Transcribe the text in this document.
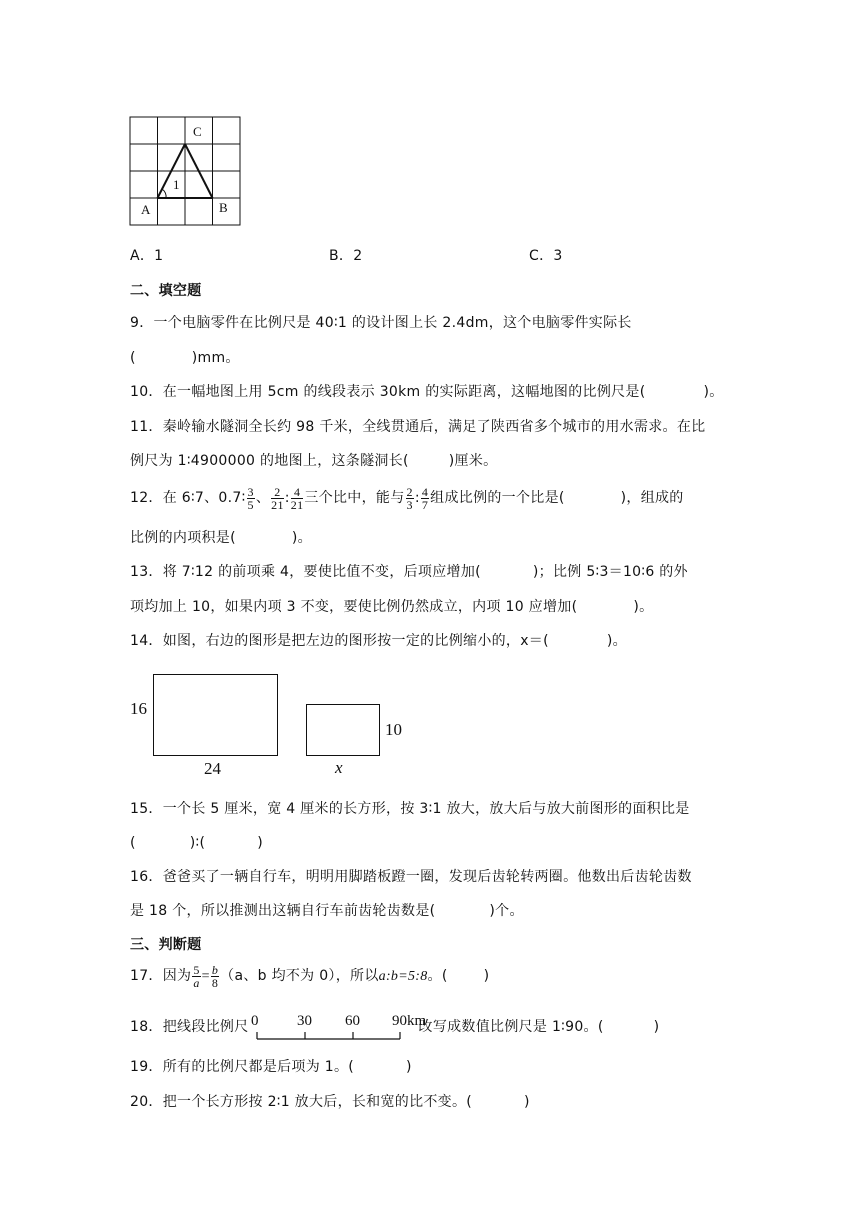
C
A	B
1
A．1	B．2	C．3
二、填空题
9．一个电脑零件在比例尺是 40∶1 的设计图上长 2.4dm，这个电脑零件实际长
(	)mm。
10．在一幅地图上用 5cm 的线段表示 30km 的实际距离，这幅地图的比例尺是(	)。
11．秦岭输水隧洞全长约 98 千米，全线贯通后，满足了陕西省多个城市的用水需求。在比
例尺为 1∶4900000 的地图上，这条隧洞长(	)厘米。
12．在 6∶7、0.7∶ $\frac{3}{5}$ 、 $\frac{2}{21}$ : $\frac{4}{21}$ 三个比中，能与 $\frac{2}{3}$ : $\frac{4}{7}$ 组成比例的一个比是(	)，组成的
比例的内项积是(	)。
13．将 7∶12 的前项乘 4，要使比值不变，后项应增加(	)；比例 5∶3＝10∶6 的外
项均加上 10，如果内项 3 不变，要使比例仍然成立，内项 10 应增加(	)。
14．如图，右边的图形是把左边的图形按一定的比例缩小的，x＝(	)。
16
24
10
x
15．一个长 5 厘米，宽 4 厘米的长方形，按 3∶1 放大，放大后与放大前图形的面积比是
(	)∶(	)
16．爸爸买了一辆自行车，明明用脚踏板蹬一圈，发现后齿轮转两圈。他数出后齿轮齿数
是 18 个，所以推测出这辆自行车前齿轮齿数是(	)个。
三、判断题
17．因为 $\frac{5}{a} = \frac{b}{8} (a$、b 均不为 0），所以a:b=5:8。(	)
18．把线段比例尺	改写成数值比例尺是 1∶90。(	)
0	30 60 90km
19．所有的比例尺都是后项为 1。(	)
20．把一个长方形按 2∶1 放大后，长和宽的比不变。(	)
